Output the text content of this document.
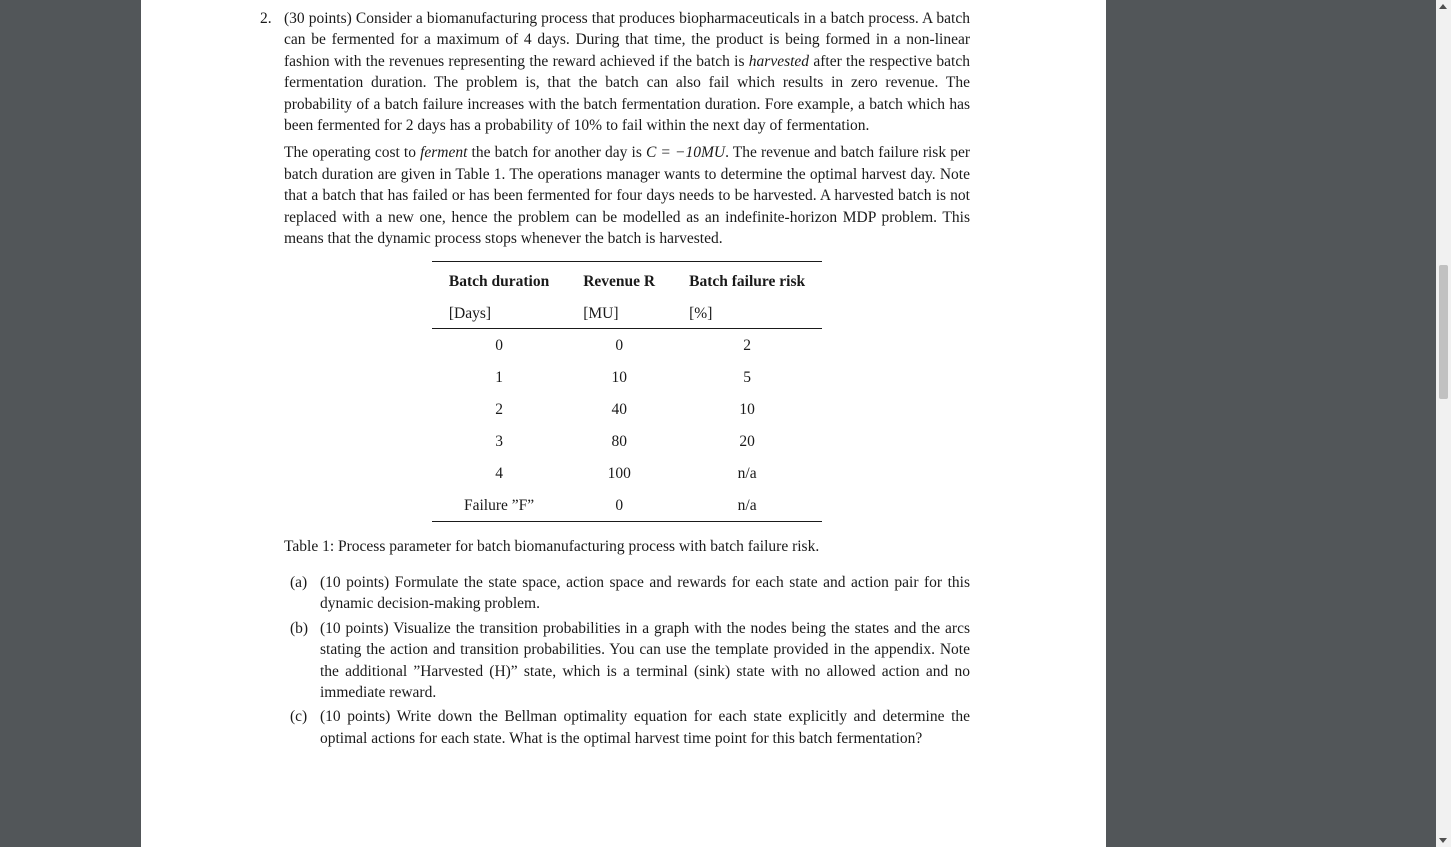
2. (30 points) Consider a biomanufacturing process that produces biopharmaceuticals in a batch process. A batch can be fermented for a maximum of 4 days. During that time, the product is being formed in a non-linear fashion with the revenues representing the reward achieved if the batch is harvested after the respective batch fermentation duration. The problem is, that the batch can also fail which results in zero revenue. The probability of a batch failure increases with the batch fermentation duration. Fore example, a batch which has been fermented for 2 days has a probability of 10% to fail within the next day of fermentation.

The operating cost to ferment the batch for another day is C = −10MU. The revenue and batch failure risk per batch duration are given in Table 1. The operations manager wants to determine the optimal harvest day. Note that a batch that has failed or has been fermented for four days needs to be harvested. A harvested batch is not replaced with a new one, hence the problem can be modelled as an indefinite-horizon MDP problem. This means that the dynamic process stops whenever the batch is harvested.

Batch duration	Revenue R	Batch failure risk
[Days]	[MU]	[%]
0	0	2
1	10	5
2	40	10
3	80	20
4	100	n/a
Failure ”F”	0	n/a

Table 1: Process parameter for batch biomanufacturing process with batch failure risk.

(a) (10 points) Formulate the state space, action space and rewards for each state and action pair for this dynamic decision-making problem.

(b) (10 points) Visualize the transition probabilities in a graph with the nodes being the states and the arcs stating the action and transition probabilities. You can use the template provided in the appendix. Note the additional ”Harvested (H)” state, which is a terminal (sink) state with no allowed action and no immediate reward.

(c) (10 points) Write down the Bellman optimality equation for each state explicitly and determine the optimal actions for each state. What is the optimal harvest time point for this batch fermentation?
